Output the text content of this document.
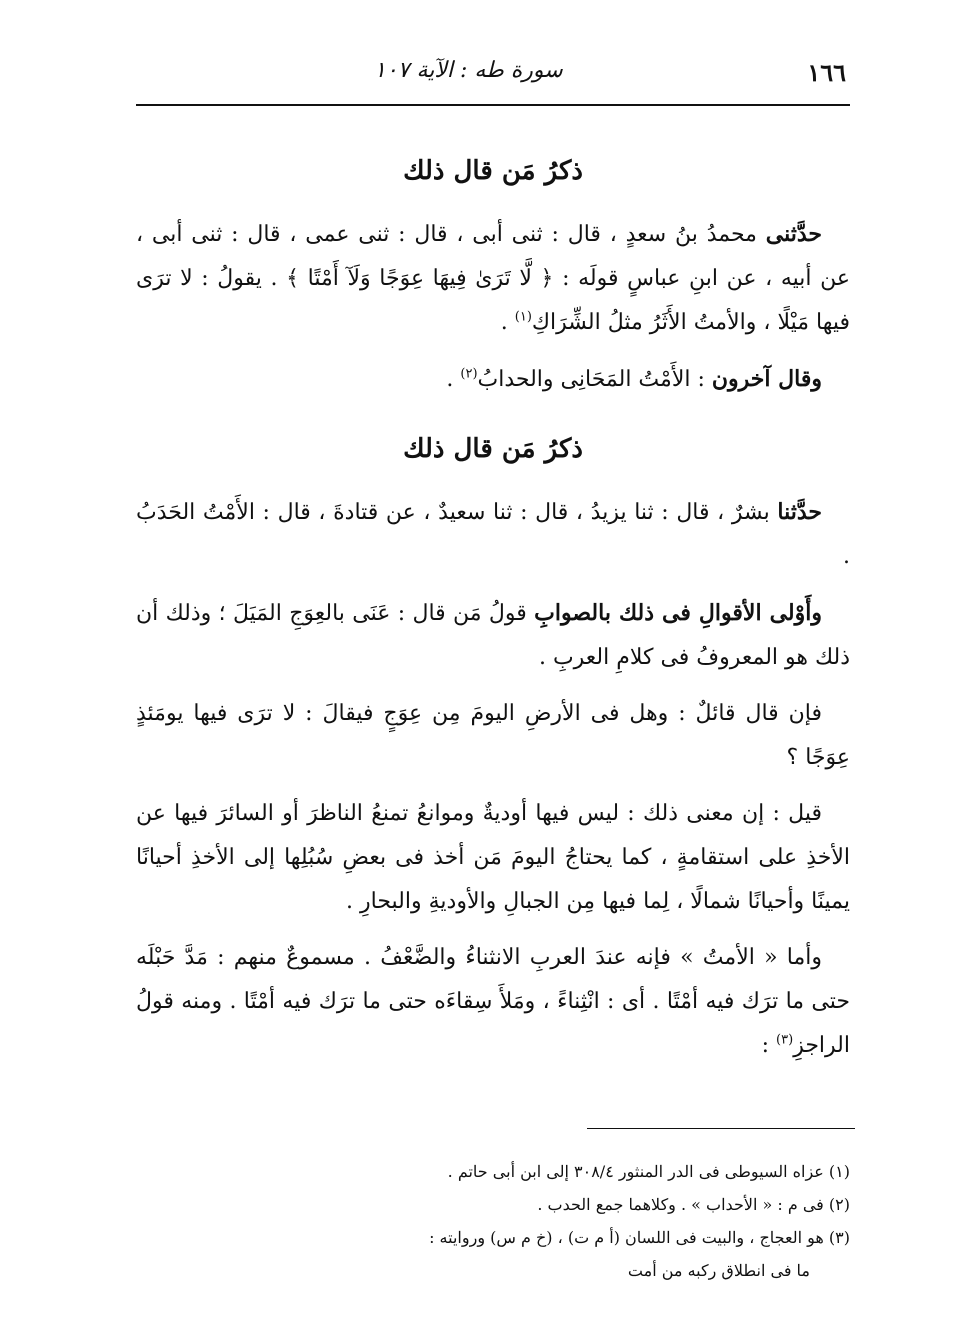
١٦٦
سورة طه : الآية ١٠٧
ذكرُ مَن قال ذلك

حدَّثنى محمدُ بنُ سعدٍ ، قال : ثنى أبى ، قال : ثنى عمى ، قال : ثنى أبى ، عن أبيه ، عن ابنِ عباسٍ قولَه : ﴿ لَّا تَرَىٰ فِيهَا عِوَجًا وَلَآ أَمْتًا ﴾ . يقولُ : لا ترَى فيها مَيْلًا ، والأمتُ الأَثَرُ مثلُ الشِّرَاكِ$^{(١)}$ .

وقال آخرون : الأَمْتُ المَحَانِى والحدابُ$^{(٢)}$ .

ذكرُ مَن قال ذلك

حدَّثنا بشرٌ ، قال : ثنا يزيدُ ، قال : ثنا سعيدٌ ، عن قتادةَ ، قال : الأَمْتُ الحَدَبُ .

وأَوْلى الأقوالِ فى ذلك بالصوابِ قولُ مَن قال : عَنَى بالعِوَجِ المَيَلَ ؛ وذلك أن ذلك هو المعروفُ فى كلامِ العربِ .

فإن قال قائلٌ : وهل فى الأرضِ اليومَ مِن عِوَجٍ فيقالَ : لا ترَى فيها يومَئذٍ عِوَجًا ؟

قيل : إن معنى ذلك : ليس فيها أوديةٌ وموانعُ تمنعُ الناظرَ أو السائرَ فيها عن الأخذِ على استقامةٍ ، كما يحتاجُ اليومَ مَن أخذ فى بعضِ سُبُلِها إلى الأخذِ أحيانًا يمينًا وأحيانًا شمالًا ، لِما فيها مِن الجبالِ والأوديةِ والبحارِ .

وأما « الأمتُ » فإنه عندَ العربِ الانثناءُ والضَّعْفُ . مسموعٌ منهم : مَدَّ حَبْلَه حتى ما ترَك فيه أمْتًا . أى : انْثِناءً ، ومَلأَ سِقاءَه حتى ما ترَك فيه أمْتًا . ومنه قولُ الراجزِ$^{(٣)}$ :

(١) عزاه السيوطى فى الدر المنثور ٣٠٨/٤ إلى ابن أبى حاتم .

(٢) فى م : « الأحداب » . وكلاهما جمع الحدب .

(٣) هو العجاج ، والبيت فى اللسان (أ م ت) ، (خ م س) وروايته :

ما فى انطلاق ركبه من أمت
